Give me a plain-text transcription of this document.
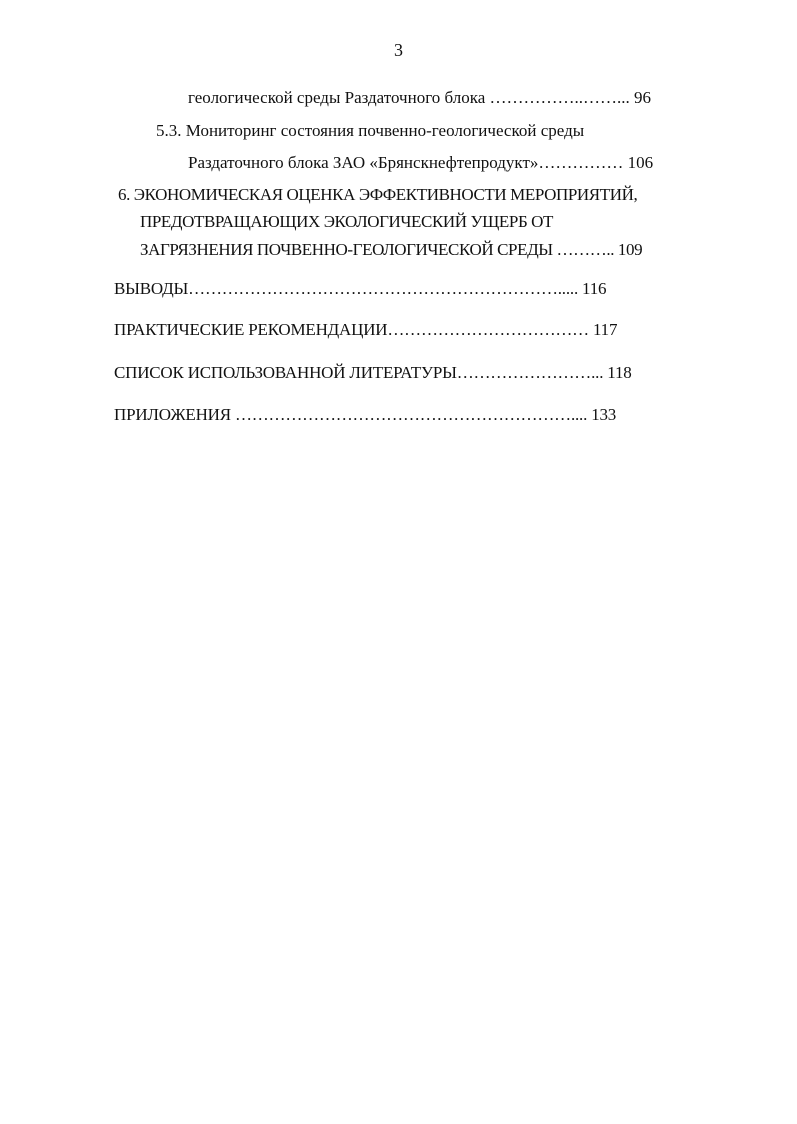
3
геологической среды Раздаточного блока ……………..……... 96
5.3. Мониторинг состояния почвенно-геологической среды
Раздаточного блока ЗАО «Брянскнефтепродукт»…………… 106
6. ЭКОНОМИЧЕСКАЯ ОЦЕНКА ЭФФЕКТИВНОСТИ МЕРОПРИЯТИЙ,
ПРЕДОТВРАЩАЮЩИХ ЭКОЛОГИЧЕСКИЙ УЩЕРБ ОТ
ЗАГРЯЗНЕНИЯ ПОЧВЕННО-ГЕОЛОГИЧЕСКОЙ СРЕДЫ ……….. 109
ВЫВОДЫ…………………………………………………………..... 116
ПРАКТИЧЕСКИЕ РЕКОМЕНДАЦИИ……………………………… 117
СПИСОК ИСПОЛЬЗОВАННОЙ ЛИТЕРАТУРЫ……………………... 118
ПРИЛОЖЕНИЯ …………………………………………………….... 133
